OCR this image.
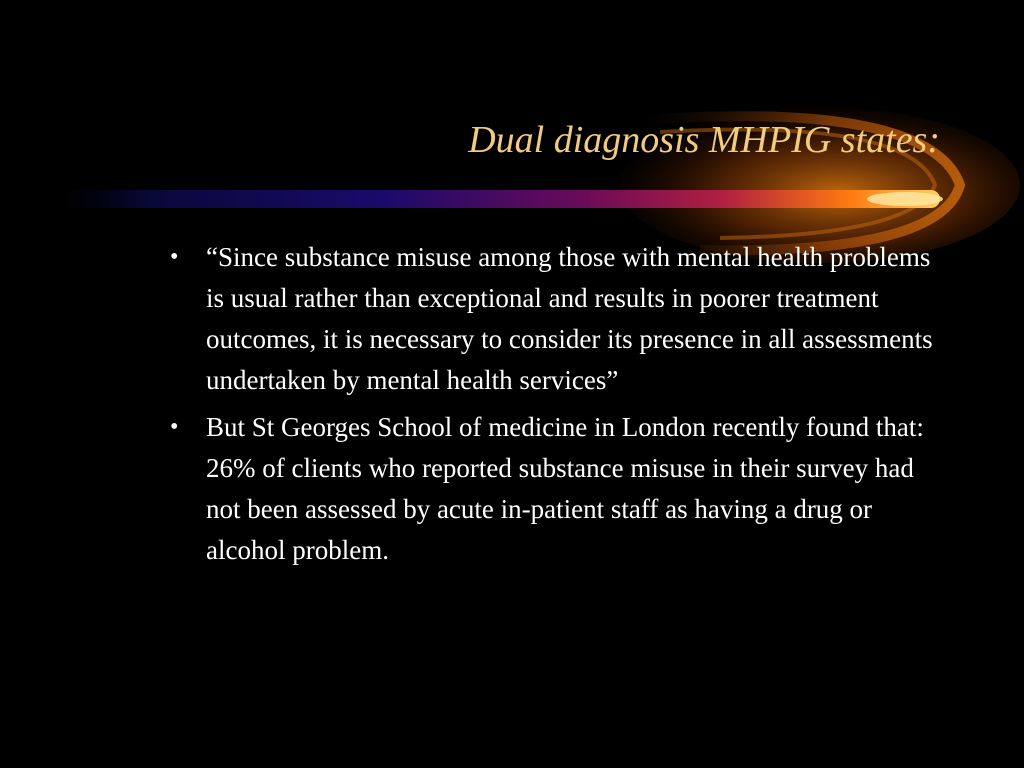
Dual diagnosis MHPIG states:
• “Since substance misuse among those with mental health problems is usual rather than exceptional and results in poorer treatment outcomes, it is necessary to consider its presence in all assessments undertaken by mental health services”
• But St Georges School of medicine in London recently found that: 26% of clients who reported substance misuse in their survey had not been assessed by acute in-patient staff as having a drug or alcohol problem.
